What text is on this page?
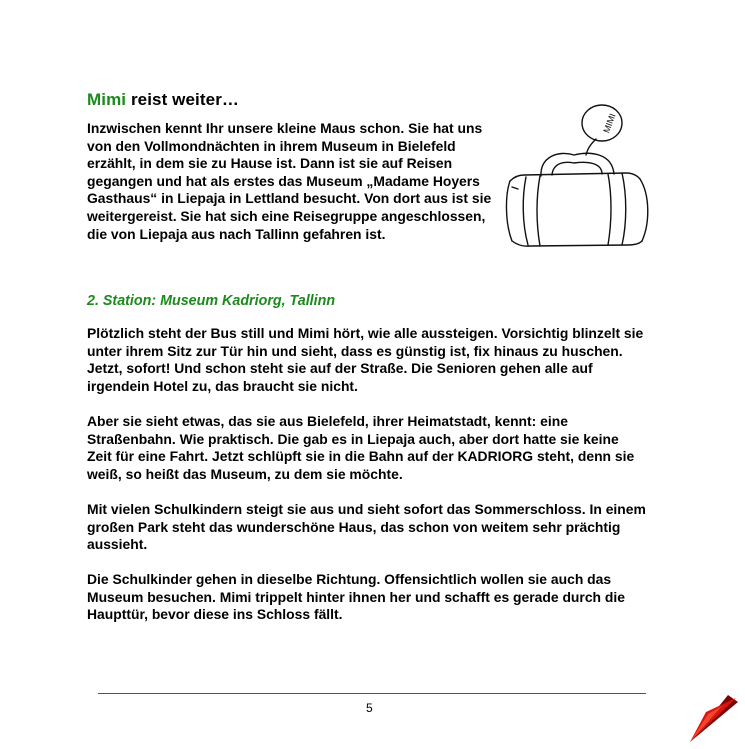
Mimi reist weiter…

Inzwischen kennt Ihr unsere kleine Maus schon. Sie hat uns von den Vollmondnächten in ihrem Museum in Bielefeld erzählt, in dem sie zu Hause ist. Dann ist sie auf Reisen gegangen und hat als erstes das Museum „Madame Hoyers Gasthaus“ in Liepaja in Lettland besucht. Von dort aus ist sie weitergereist. Sie hat sich eine Reisegruppe angeschlossen, die von Liepaja aus nach Tallinn gefahren ist.

MIMI
2. Station: Museum Kadriorg, Tallinn

Plötzlich steht der Bus still und Mimi hört, wie alle aussteigen. Vorsichtig blinzelt sie unter ihrem Sitz zur Tür hin und sieht, dass es günstig ist, fix hinaus zu huschen. Jetzt, sofort! Und schon steht sie auf der Straße. Die Senioren gehen alle auf irgendein Hotel zu, das braucht sie nicht.

Aber sie sieht etwas, das sie aus Bielefeld, ihrer Heimatstadt, kennt: eine Straßenbahn. Wie praktisch. Die gab es in Liepaja auch, aber dort hatte sie keine Zeit für eine Fahrt. Jetzt schlüpft sie in die Bahn auf der KADRIORG steht, denn sie weiß, so heißt das Museum, zu dem sie möchte.

Mit vielen Schulkindern steigt sie aus und sieht sofort das Sommerschloss. In einem großen Park steht das wunderschöne Haus, das schon von weitem sehr prächtig aussieht.

Die Schulkinder gehen in dieselbe Richtung. Offensichtlich wollen sie auch das Museum besuchen. Mimi trippelt hinter ihnen her und schafft es gerade durch die Haupttür, bevor diese ins Schloss fällt.

5
